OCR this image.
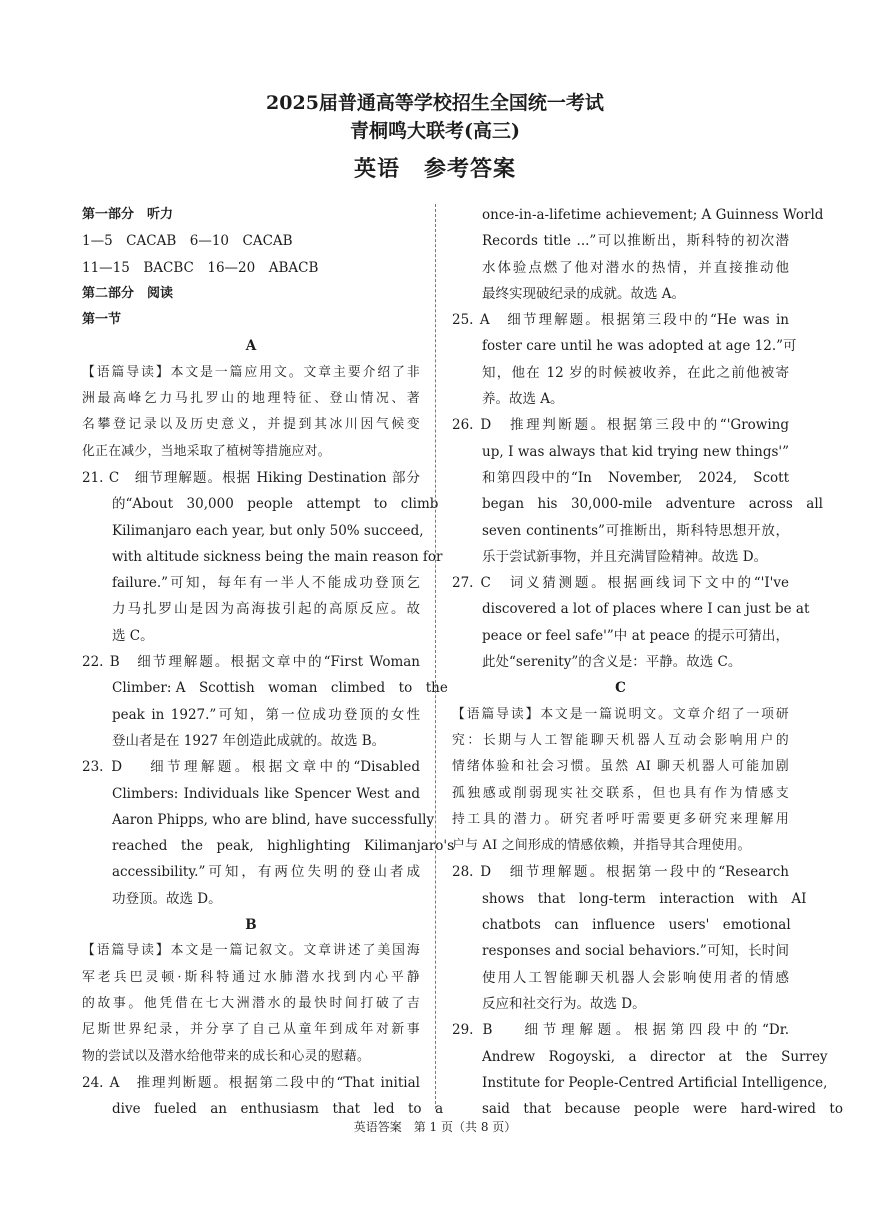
2025届普通高等学校招生全国统一考试
青桐鸣大联考(高三)
英语 参考答案
第一部分　听力
1—5　CACAB　6—10　CACAB
11—15　BACBC　16—20　ABACB
第二部分　阅读
第一节
A
【语篇导读】本文是一篇应用文。文章主要介绍了非
洲最高峰乞力马扎罗山的地理特征、登山情况、著
名攀登记录以及历史意义，并提到其冰川因气候变
化正在减少，当地采取了植树等措施应对。
21. C　细节理解题。根据 Hiking Destination 部分
的“About　30,000　people　attempt　to　climb
Kilimanjaro each year, but only 50% succeed,
with altitude sickness being the main reason for
failure.”可知，每年有一半人不能成功登顶乞
力马扎罗山是因为高海拔引起的高原反应。故
选 C。
22. B　细节理解题。根据文章中的“First Woman
Climber: A　Scottish　woman　climbed　to　the
peak in 1927.”可知，第一位成功登顶的女性
登山者是在 1927 年创造此成就的。故选 B。
23. D　 细节理解题。根据文章中的“Disabled
Climbers: Individuals like Spencer West and
Aaron Phipps, who are blind, have successfully
reached　the　peak,　highlighting　Kilimanjaro's
accessibility.”可知，有两位失明的登山者成
功登顶。故选 D。
B
【语篇导读】本文是一篇记叙文。文章讲述了美国海
军老兵巴灵顿·斯科特通过水肺潜水找到内心平静
的故事。他凭借在七大洲潜水的最快时间打破了吉
尼斯世界纪录，并分享了自己从童年到成年对新事
物的尝试以及潜水给他带来的成长和心灵的慰藉。
24. A　推理判断题。根据第二段中的“That initial
dive　fueled　an　enthusiasm　that　led　to　a
once-in-a-lifetime achievement; A Guinness World
Records title ...”可以推断出，斯科特的初次潜
水体验点燃了他对潜水的热情，并直接推动他
最终实现破纪录的成就。故选 A。
25. A　细节理解题。根据第三段中的“He was in
foster care until he was adopted at age 12.”可
知，他在 12 岁的时候被收养，在此之前他被寄
养。故选 A。
26. D　推理判断题。根据第三段中的“'Growing
up, I was always that kid trying new things'”
和第四段中的“In　November,　2024,　Scott
began　his　30,000-mile　adventure　across　all
seven continents”可推断出，斯科特思想开放，
乐于尝试新事物，并且充满冒险精神。故选 D。
27. C　词义猜测题。根据画线词下文中的“'I've
discovered a lot of places where I can just be at
peace or feel safe'”中 at peace 的提示可猜出，
此处“serenity”的含义是：平静。故选 C。
C
【语篇导读】本文是一篇说明文。文章介绍了一项研
究：长期与人工智能聊天机器人互动会影响用户的
情绪体验和社会习惯。虽然 AI 聊天机器人可能加剧
孤独感或削弱现实社交联系，但也具有作为情感支
持工具的潜力。研究者呼吁需要更多研究来理解用
户与 AI 之间形成的情感依赖，并指导其合理使用。
28. D　细节理解题。根据第一段中的“Research
shows　that　long-term　interaction　with　AI
chatbots　can　influence　users'　emotional
responses and social behaviors.”可知，长时间
使用人工智能聊天机器人会影响使用者的情感
反应和社交行为。故选 D。
29. B　 细节理解题。根据第四段中的“Dr.
Andrew　Rogoyski,　a　director　at　the　Surrey
Institute for People-Centred Artificial Intelligence,
said　that　because　people　were　hard-wired　to
英语答案　第 1 页（共 8 页）
